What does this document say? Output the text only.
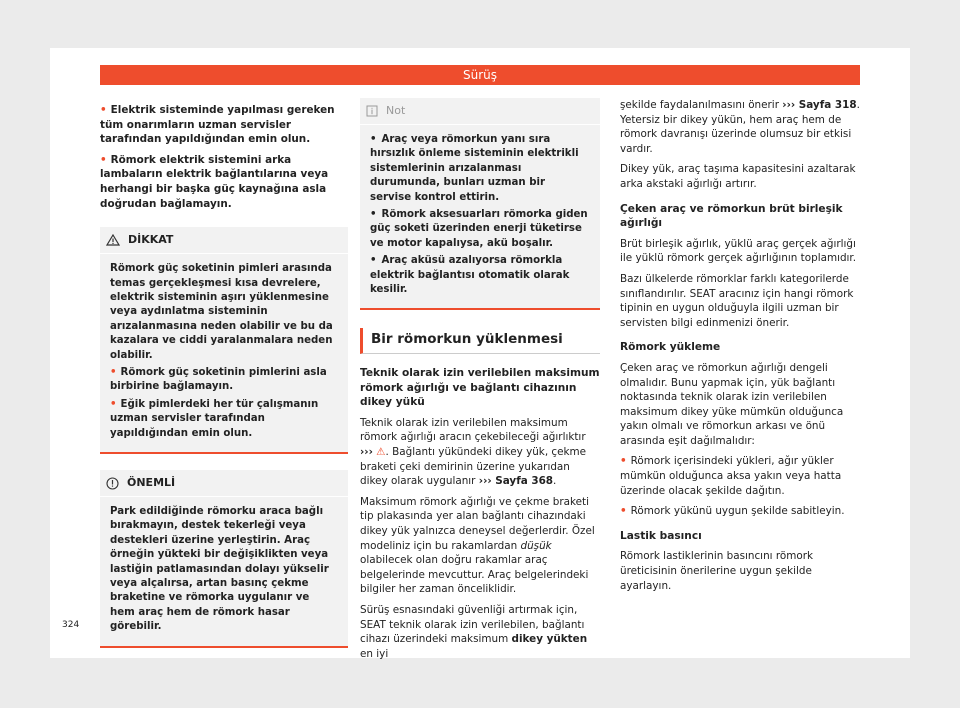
Sürüş

• Elektrik sisteminde yapılması gereken tüm onarımların uzman servisler tarafından yapıldığından emin olun.

• Römork elektrik sistemini arka lambaların elektrik bağlantılarına veya herhangi bir başka güç kaynağına asla doğrudan bağlamayın.

DİKKAT

Römork güç soketinin pimleri arasında temas gerçekleşmesi kısa devrelere, elektrik sisteminin aşırı yüklenmesine veya aydınlatma sisteminin arızalanmasına neden olabilir ve bu da kazalara ve ciddi yaralanmalara neden olabilir.

• Römork güç soketinin pimlerini asla birbirine bağlamayın.

• Eğik pimlerdeki her tür çalışmanın uzman servisler tarafından yapıldığından emin olun.

ÖNEMLİ

Park edildiğinde römorku araca bağlı bırakmayın, destek tekerleği veya destekleri üzerine yerleştirin. Araç örneğin yükteki bir değişiklikten veya lastiğin patlamasından dolayı yükselir veya alçalırsa, artan basınç çekme braketine ve römorka uygulanır ve hem araç hem de römork hasar görebilir.

Not

• Araç veya römorkun yanı sıra hırsızlık önleme sisteminin elektrikli sistemlerinin arızalanması durumunda, bunları uzman bir servise kontrol ettirin.

• Römork aksesuarları römorka giden güç soketi üzerinden enerji tüketirse ve motor kapalıysa, akü boşalır.

• Araç aküsü azalıyorsa römorkla elektrik bağlantısı otomatik olarak kesilir.

Bir römorkun yüklenmesi

Teknik olarak izin verilebilen maksimum römork ağırlığı ve bağlantı cihazının dikey yükü

Teknik olarak izin verilebilen maksimum römork ağırlığı aracın çekebileceği ağırlıktır ››› ⚠. Bağlantı yükündeki dikey yük, çekme braketi çeki demirinin üzerine yukarıdan dikey olarak uygulanır ››› Sayfa 368.

Maksimum römork ağırlığı ve çekme braketi tip plakasında yer alan bağlantı cihazındaki dikey yük yalnızca deneysel değerlerdir. Özel modeliniz için bu rakamlardan düşük olabilecek olan doğru rakamlar araç belgelerinde mevcuttur. Araç belgelerindeki bilgiler her zaman önceliklidir.

Sürüş esnasındaki güvenliği artırmak için, SEAT teknik olarak izin verilebilen, bağlantı cihazı üzerindeki maksimum dikey yükten en iyi

şekilde faydalanılmasını önerir ››› Sayfa 318. Yetersiz bir dikey yükün, hem araç hem de römork davranışı üzerinde olumsuz bir etkisi vardır.

Dikey yük, araç taşıma kapasitesini azaltarak arka akstaki ağırlığı artırır.

Çeken araç ve römorkun brüt birleşik ağırlığı

Brüt birleşik ağırlık, yüklü araç gerçek ağırlığı ile yüklü römork gerçek ağırlığının toplamıdır.

Bazı ülkelerde römorklar farklı kategorilerde sınıflandırılır. SEAT aracınız için hangi römork tipinin en uygun olduğuyla ilgili uzman bir servisten bilgi edinmenizi önerir.

Römork yükleme

Çeken araç ve römorkun ağırlığı dengeli olmalıdır. Bunu yapmak için, yük bağlantı noktasında teknik olarak izin verilebilen maksimum dikey yüke mümkün olduğunca yakın olmalı ve römorkun arkası ve önü arasında eşit dağılmalıdır:

• Römork içerisindeki yükleri, ağır yükler mümkün olduğunca aksa yakın veya hatta üzerinde olacak şekilde dağıtın.

• Römork yükünü uygun şekilde sabitleyin.

Lastik basıncı

Römork lastiklerinin basıncını römork üreticisinin önerilerine uygun şekilde ayarlayın.

324
